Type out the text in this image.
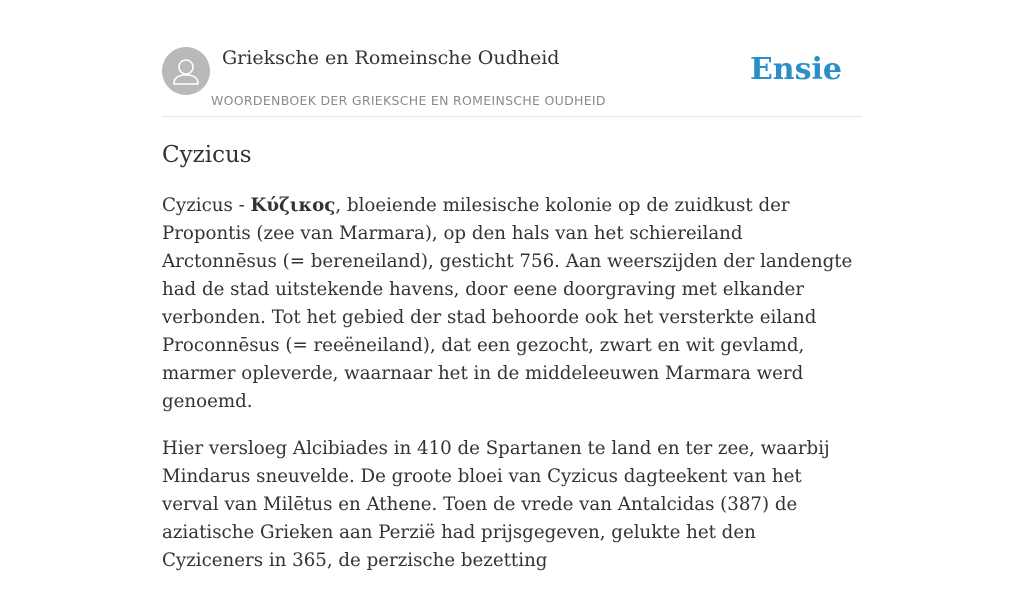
Grieksche en Romeinsche Oudheid
WOORDENBOEK DER GRIEKSCHE EN ROMEINSCHE OUDHEID
Ensie
Cyzicus

Cyzicus - Κύζικος, bloeiende milesische kolonie op de zuidkust der Propontis (zee van Marmara), op den hals van het schiereiland Arctonnēsus (= bereneiland), gesticht 756. Aan weerszijden der landengte had de stad uitstekende havens, door eene doorgraving met elkander verbonden. Tot het gebied der stad behoorde ook het versterkte eiland Proconnēsus (= reeëneiland), dat een gezocht, zwart en wit gevlamd, marmer opleverde, waarnaar het in de middeleeuwen Marmara werd genoemd.

Hier versloeg Alcibiades in 410 de Spartanen te land en ter zee, waarbij Mindarus sneuvelde. De groote bloei van Cyzicus dagteekent van het verval van Milētus en Athene. Toen de vrede van Antalcidas (387) de aziatische Grieken aan Perzië had prijsgegeven, gelukte het den Cyziceners in 365, de perzische bezetting
